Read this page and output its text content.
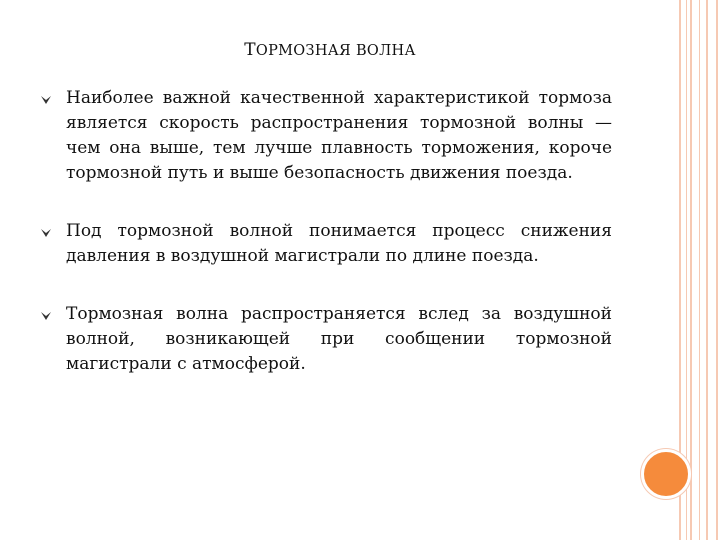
ТОРМОЗНАЯ ВОЛНА
Наиболее важной качественной характеристикой тормоза является скорость распространения тормозной волны — чем она выше, тем лучше плавность торможения, короче тормозной путь и выше безопасность движения поезда.
Под тормозной волной понимается процесс снижения давления в воздушной магистрали по длине поезда.
Тормозная волна распространяется вслед за воздушной волной, возникающей при сообщении тормозной магистрали с атмосферой.
